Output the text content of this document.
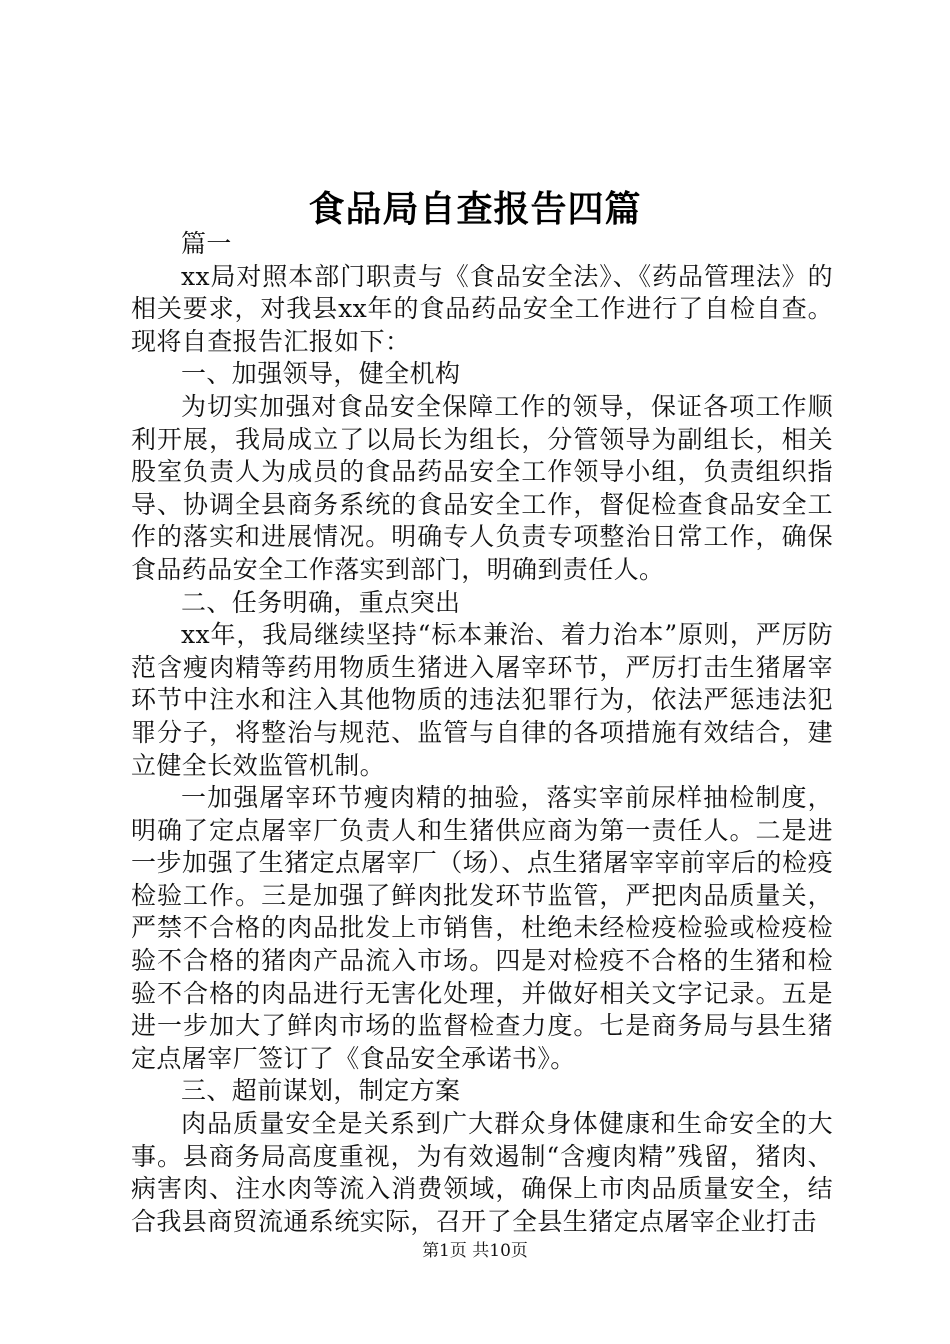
食品局自查报告四篇

篇一

xx局对照本部门职责与《食品安全法》、《药品管理法》的相关要求，对我县xx年的食品药品安全工作进行了自检自查。现将自查报告汇报如下：

一、加强领导，健全机构

为切实加强对食品安全保障工作的领导，保证各项工作顺利开展，我局成立了以局长为组长，分管领导为副组长，相关股室负责人为成员的食品药品安全工作领导小组，负责组织指导、协调全县商务系统的食品安全工作，督促检查食品安全工作的落实和进展情况。明确专人负责专项整治日常工作，确保食品药品安全工作落实到部门，明确到责任人。

二、任务明确，重点突出

xx年，我局继续坚持“标本兼治、着力治本”原则，严厉防范含瘦肉精等药用物质生猪进入屠宰环节，严厉打击生猪屠宰环节中注水和注入其他物质的违法犯罪行为，依法严惩违法犯罪分子，将整治与规范、监管与自律的各项措施有效结合，建立健全长效监管机制。

一加强屠宰环节瘦肉精的抽验，落实宰前尿样抽检制度，明确了定点屠宰厂负责人和生猪供应商为第一责任人。二是进一步加强了生猪定点屠宰厂（场）、点生猪屠宰宰前宰后的检疫检验工作。三是加强了鲜肉批发环节监管，严把肉品质量关，严禁不合格的肉品批发上市销售，杜绝未经检疫检验或检疫检验不合格的猪肉产品流入市场。四是对检疫不合格的生猪和检验不合格的肉品进行无害化处理，并做好相关文字记录。五是进一步加大了鲜肉市场的监督检查力度。七是商务局与县生猪定点屠宰厂签订了《食品安全承诺书》。

三、超前谋划，制定方案

肉品质量安全是关系到广大群众身体健康和生命安全的大事。县商务局高度重视，为有效遏制“含瘦肉精”残留，猪肉、病害肉、注水肉等流入消费领域，确保上市肉品质量安全，结合我县商贸流通系统实际，召开了全县生猪定点屠宰企业打击

第1页 共10页
